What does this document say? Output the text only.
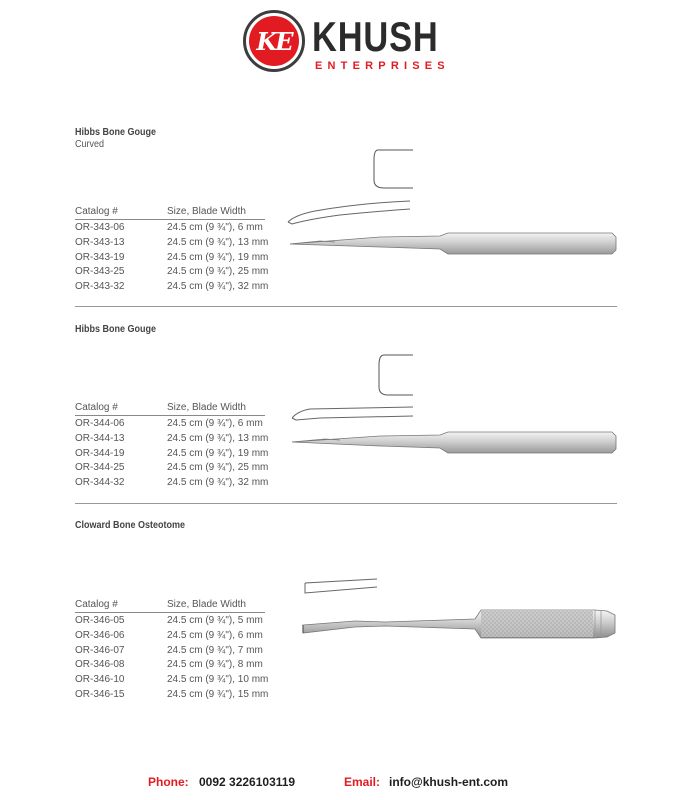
KE KHUSH
ENTERPRISES
Hibbs Bone Gouge
Curved
Catalog #	Size, Blade Width
OR-343-06	24.5 cm (9 ¾"), 6 mm
OR-343-13	24.5 cm (9 ¾"), 13 mm
OR-343-19	24.5 cm (9 ¾"), 19 mm
OR-343-25	24.5 cm (9 ¾"), 25 mm
OR-343-32	24.5 cm (9 ¾"), 32 mm
Hibbs Bone Gouge
Catalog #	Size, Blade Width
OR-344-06	24.5 cm (9 ¾"), 6 mm
OR-344-13	24.5 cm (9 ¾"), 13 mm
OR-344-19	24.5 cm (9 ¾"), 19 mm
OR-344-25	24.5 cm (9 ¾"), 25 mm
OR-344-32	24.5 cm (9 ¾"), 32 mm
Cloward Bone Osteotome
Catalog #	Size, Blade Width
OR-346-05	24.5 cm (9 ¾"), 5 mm
OR-346-06	24.5 cm (9 ¾"), 6 mm
OR-346-07	24.5 cm (9 ¾"), 7 mm
OR-346-08	24.5 cm (9 ¾"), 8 mm
OR-346-10	24.5 cm (9 ¾"), 10 mm
OR-346-15	24.5 cm (9 ¾"), 15 mm
Phone: 0092 3226103119	Email: info@khush-ent.com
